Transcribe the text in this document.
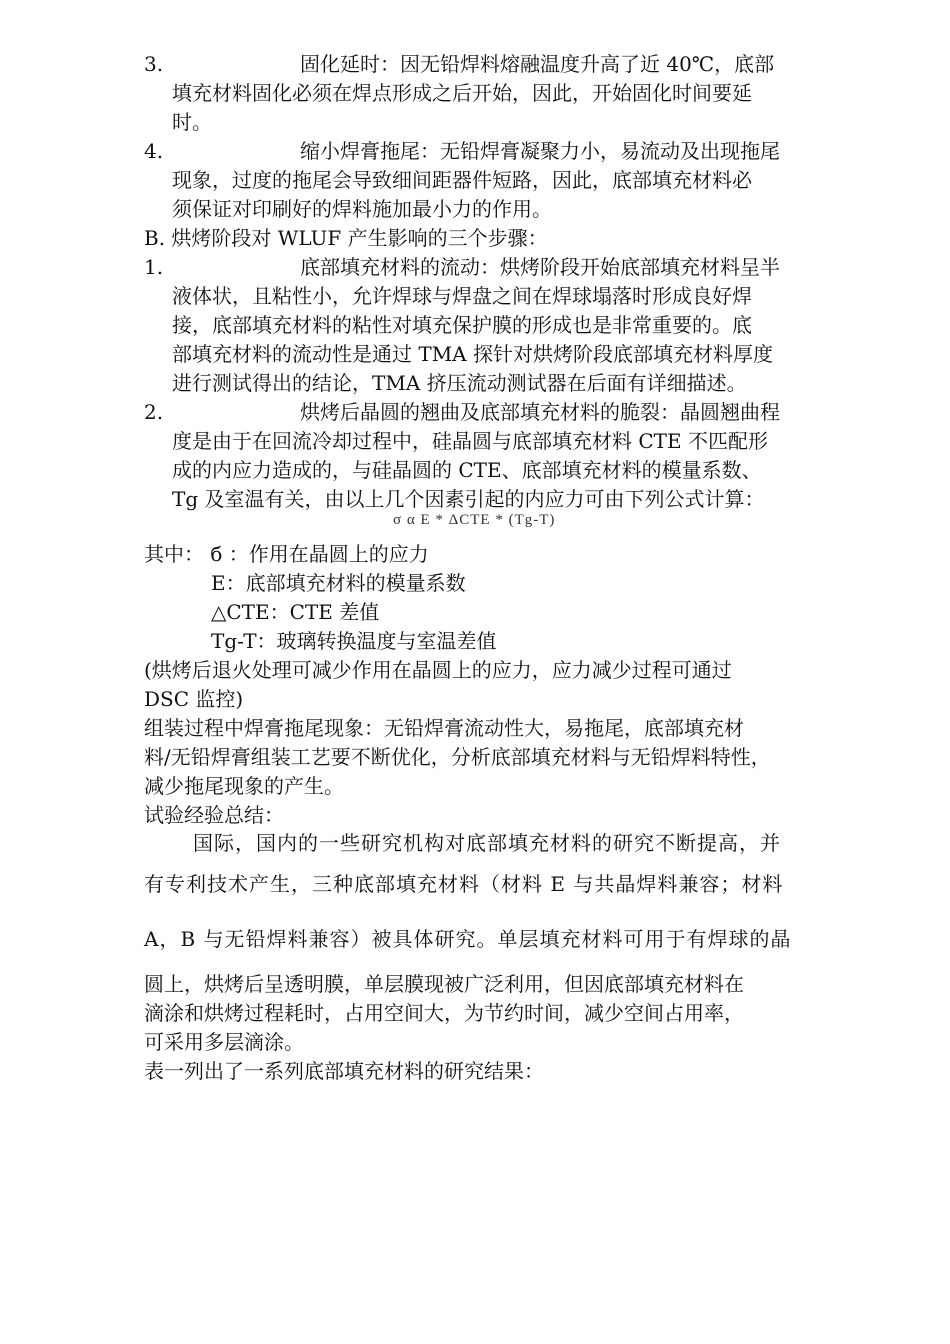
3.	固化延时：因无铅焊料熔融温度升高了近 40℃，底部
填充材料固化必须在焊点形成之后开始，因此，开始固化时间要延
时。
4.	缩小焊膏拖尾：无铅焊膏凝聚力小，易流动及出现拖尾
现象，过度的拖尾会导致细间距器件短路，因此，底部填充材料必
须保证对印刷好的焊料施加最小力的作用。
B. 烘烤阶段对 WLUF 产生影响的三个步骤：
1.	底部填充材料的流动：烘烤阶段开始底部填充材料呈半
液体状，且粘性小，允许焊球与焊盘之间在焊球塌落时形成良好焊
接，底部填充材料的粘性对填充保护膜的形成也是非常重要的。底
部填充材料的流动性是通过 TMA 探针对烘烤阶段底部填充材料厚度
进行测试得出的结论，TMA 挤压流动测试器在后面有详细描述。
2.	烘烤后晶圆的翘曲及底部填充材料的脆裂：晶圆翘曲程
度是由于在回流冷却过程中，硅晶圆与底部填充材料 CTE 不匹配形
成的内应力造成的，与硅晶圆的 CTE、底部填充材料的模量系数、
Tg 及室温有关，由以上几个因素引起的内应力可由下列公式计算：
σ α E * ΔCTE * (Tg-T)
其中： б ：作用在晶圆上的应力
E：底部填充材料的模量系数
△CTE：CTE 差值
Tg-T：玻璃转换温度与室温差值
(烘烤后退火处理可减少作用在晶圆上的应力，应力减少过程可通过
DSC 监控)
组装过程中焊膏拖尾现象：无铅焊膏流动性大，易拖尾，底部填充材
料/无铅焊膏组装工艺要不断优化，分析底部填充材料与无铅焊料特性，
减少拖尾现象的产生。
试验经验总结：
国际，国内的一些研究机构对底部填充材料的研究不断提高，并
有专利技术产生，三种底部填充材料（材料 E 与共晶焊料兼容；材料
A，B 与无铅焊料兼容）被具体研究。单层填充材料可用于有焊球的晶
圆上，烘烤后呈透明膜，单层膜现被广泛利用，但因底部填充材料在
滴涂和烘烤过程耗时，占用空间大，为节约时间，减少空间占用率，
可采用多层滴涂。
表一列出了一系列底部填充材料的研究结果：
